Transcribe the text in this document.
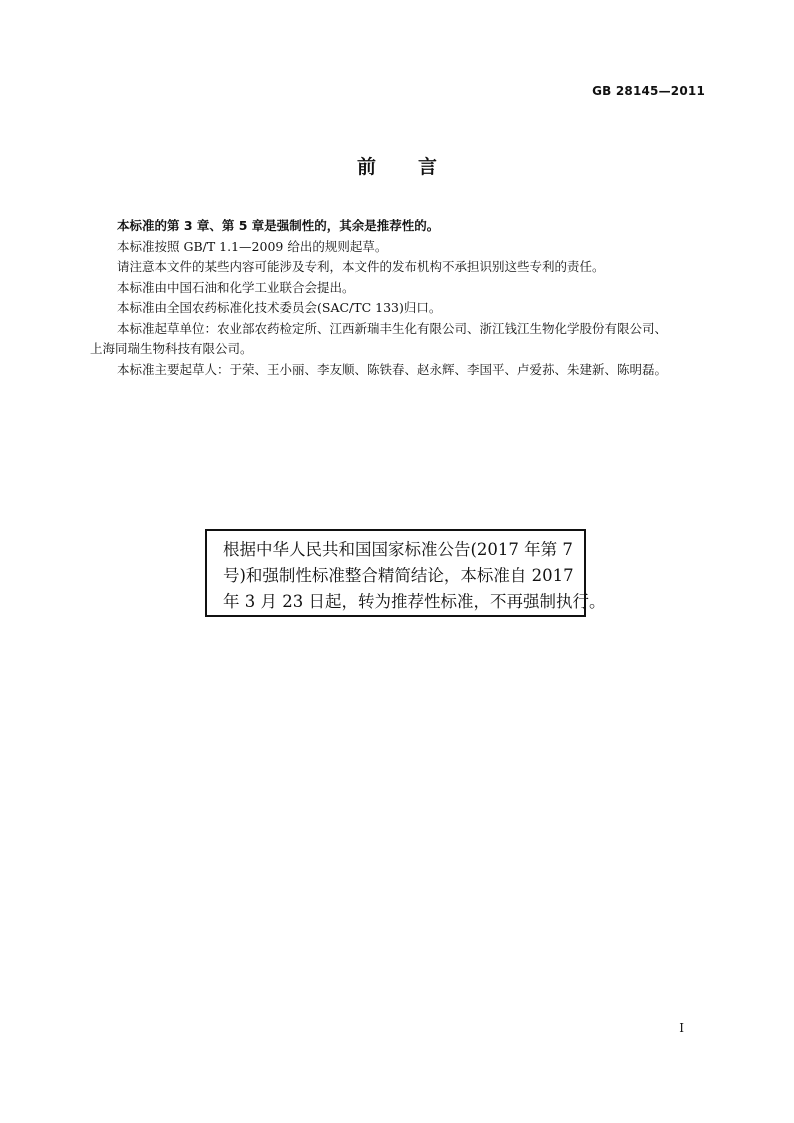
GB 28145—2011
前 言

本标准的第 3 章、第 5 章是强制性的，其余是推荐性的。

本标准按照 GB/T 1.1—2009 给出的规则起草。

请注意本文件的某些内容可能涉及专利，本文件的发布机构不承担识别这些专利的责任。

本标准由中国石油和化学工业联合会提出。

本标准由全国农药标准化技术委员会(SAC/TC 133)归口。

本标准起草单位：农业部农药检定所、江西新瑞丰生化有限公司、浙江钱江生物化学股份有限公司、

上海同瑞生物科技有限公司。

本标准主要起草人：于荣、王小丽、李友顺、陈铁春、赵永辉、李国平、卢爱荪、朱建新、陈明磊。

根据中华人民共和国国家标准公告(2017 年第 7
号)和强制性标准整合精简结论，本标准自 2017
年 3 月 23 日起，转为推荐性标准，不再强制执行。
I
